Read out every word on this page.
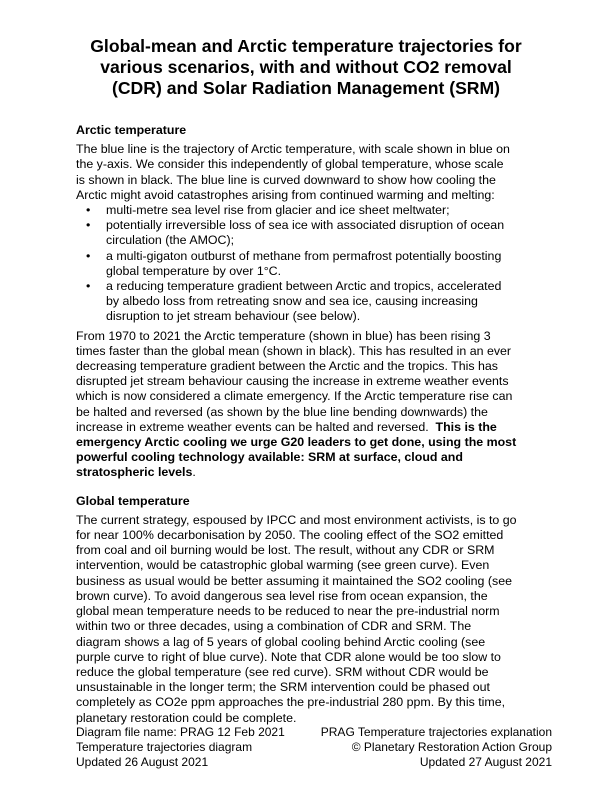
Global-mean and Arctic temperature trajectories for
various scenarios, with and without CO2 removal
(CDR) and Solar Radiation Management (SRM)
Arctic temperature

The blue line is the trajectory of Arctic temperature, with scale shown in blue on
the y-axis. We consider this independently of global temperature, whose scale
is shown in black. The blue line is curved downward to show how cooling the
Arctic might avoid catastrophes arising from continued warming and melting:

• multi-metre sea level rise from glacier and ice sheet meltwater;
• potentially irreversible loss of sea ice with associated disruption of ocean
circulation (the AMOC);
• a multi-gigaton outburst of methane from permafrost potentially boosting
global temperature by over 1°C.
• a reducing temperature gradient between Arctic and tropics, accelerated
by albedo loss from retreating snow and sea ice, causing increasing
disruption to jet stream behaviour (see below).

From 1970 to 2021 the Arctic temperature (shown in blue) has been rising 3
times faster than the global mean (shown in black). This has resulted in an ever
decreasing temperature gradient between the Arctic and the tropics. This has
disrupted jet stream behaviour causing the increase in extreme weather events
which is now considered a climate emergency. If the Arctic temperature rise can
be halted and reversed (as shown by the blue line bending downwards) the
increase in extreme weather events can be halted and reversed.  This is the
emergency Arctic cooling we urge G20 leaders to get done, using the most
powerful cooling technology available: SRM at surface, cloud and
stratospheric levels.

Global temperature

The current strategy, espoused by IPCC and most environment activists, is to go
for near 100% decarbonisation by 2050. The cooling effect of the SO2 emitted
from coal and oil burning would be lost. The result, without any CDR or SRM
intervention, would be catastrophic global warming (see green curve). Even
business as usual would be better assuming it maintained the SO2 cooling (see
brown curve). To avoid dangerous sea level rise from ocean expansion, the
global mean temperature needs to be reduced to near the pre-industrial norm
within two or three decades, using a combination of CDR and SRM. The
diagram shows a lag of 5 years of global cooling behind Arctic cooling (see
purple curve to right of blue curve). Note that CDR alone would be too slow to
reduce the global temperature (see red curve). SRM without CDR would be
unsustainable in the longer term; the SRM intervention could be phased out
completely as CO2e ppm approaches the pre-industrial 280 ppm. By this time,
planetary restoration could be complete.

Diagram file name: PRAG 12 Feb 2021
Temperature trajectories diagram
Updated 26 August 2021
PRAG Temperature trajectories explanation
© Planetary Restoration Action Group
Updated 27 August 2021
